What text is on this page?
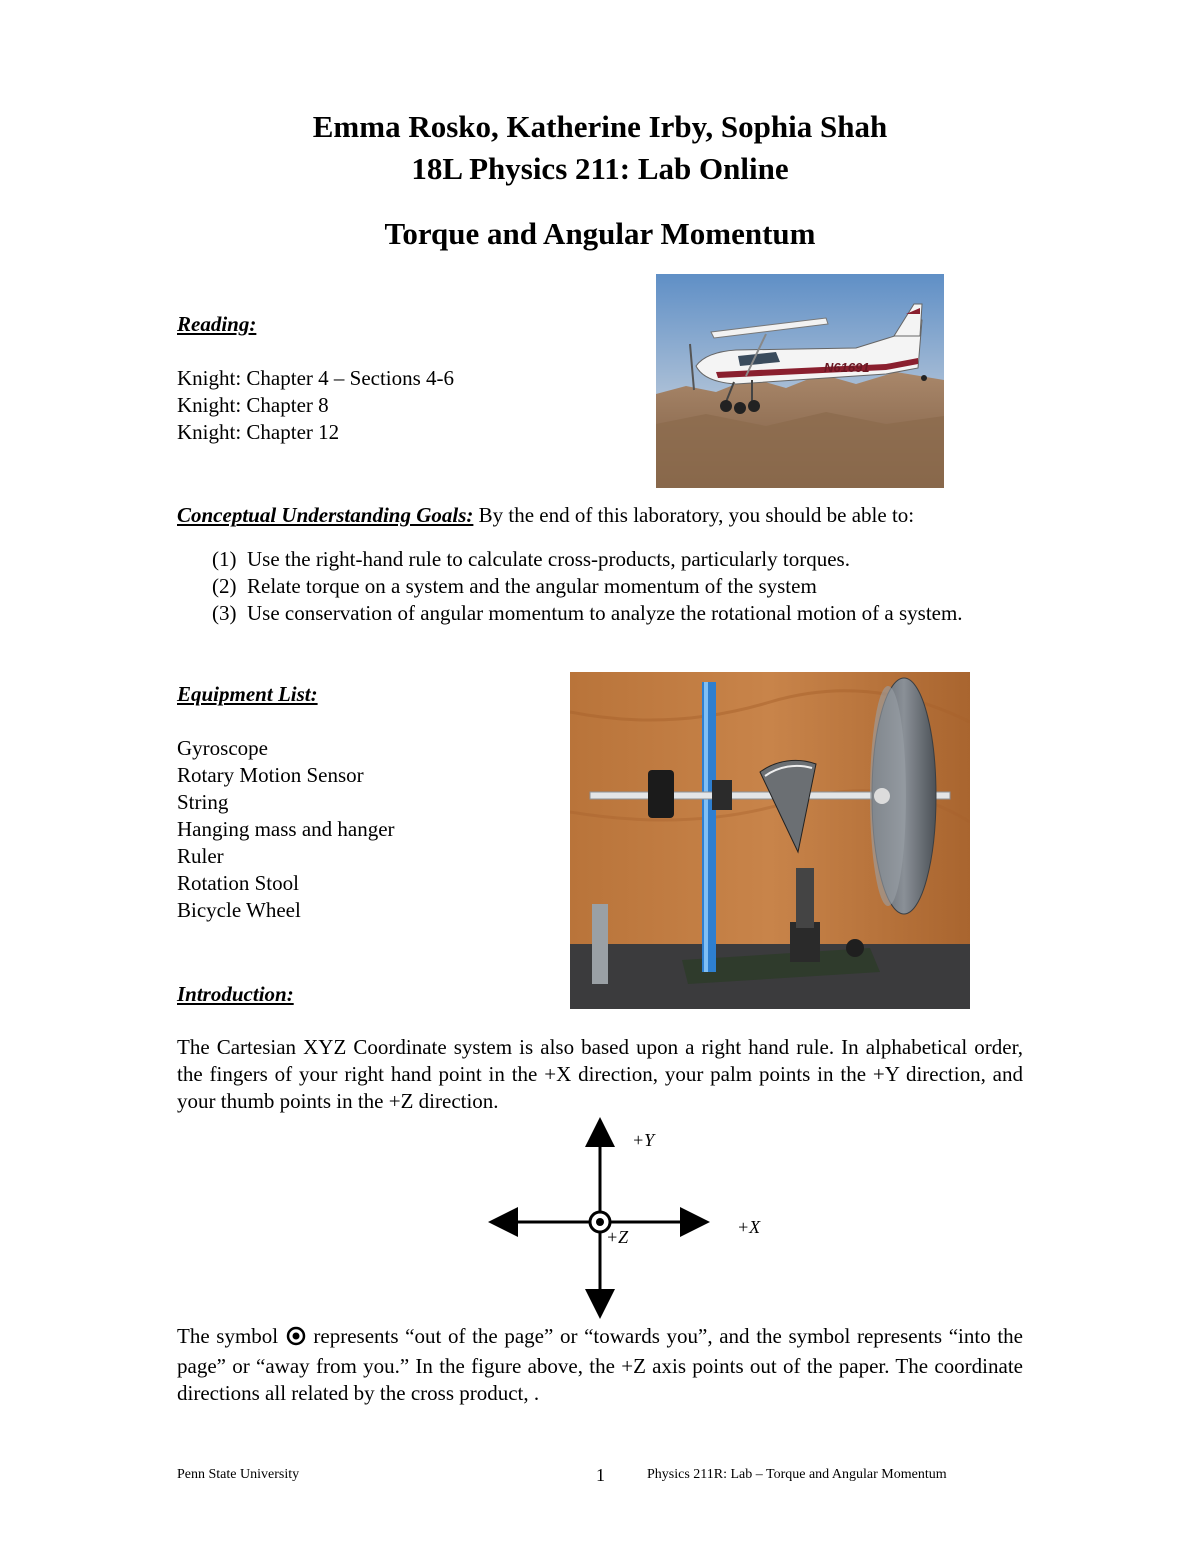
Emma Rosko, Katherine Irby, Sophia Shah
18L Physics 211: Lab Online
Torque and Angular Momentum
N61691
Reading:
Knight: Chapter 4 – Sections 4-6
Knight: Chapter 8
Knight: Chapter 12
Conceptual Understanding Goals: By the end of this laboratory, you should be able to:
(1) Use the right-hand rule to calculate cross-products, particularly torques.
(2) Relate torque on a system and the angular momentum of the system
(3) Use conservation of angular momentum to analyze the rotational motion of a system.
Equipment List:
Gyroscope
Rotary Motion Sensor
String
Hanging mass and hanger
Ruler
Rotation Stool
Bicycle Wheel
Introduction:
The Cartesian XYZ Coordinate system is also based upon a right hand rule. In alphabetical order, the fingers of your right hand point in the +X direction, your palm points in the +Y direction, and your thumb points in the +Z direction.
+Y
+X
+Z
The symbol  represents “out of the page” or “towards you”, and the symbol represents “into the page” or “away from you.” In the figure above, the +Z axis points out of the paper. The coordinate directions all related by the cross product, .
Penn State University	1	Physics 211R: Lab – Torque and Angular Momentum
